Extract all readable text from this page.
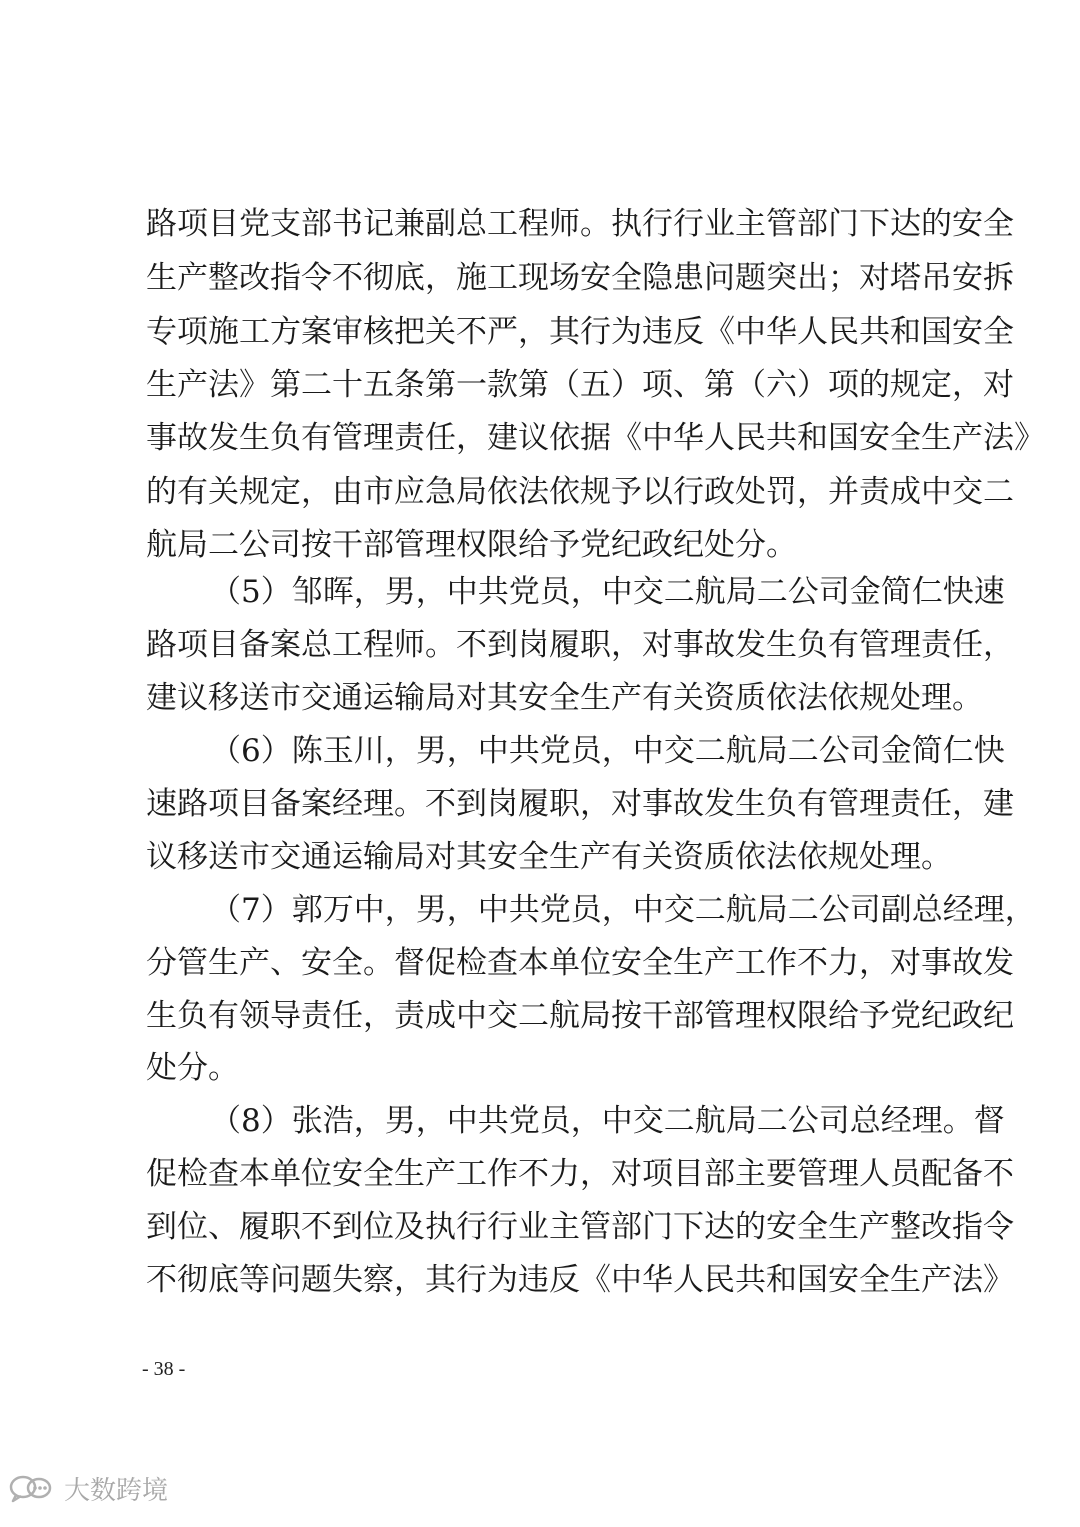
路项目党支部书记兼副总工程师。执行行业主管部门下达的安全
生产整改指令不彻底，施工现场安全隐患问题突出；对塔吊安拆
专项施工方案审核把关不严，其行为违反《中华人民共和国安全
生产法》第二十五条第一款第（五）项、第（六）项的规定，对
事故发生负有管理责任，建议依据《中华人民共和国安全生产法》
的有关规定，由市应急局依法依规予以行政处罚，并责成中交二
航局二公司按干部管理权限给予党纪政纪处分。
（5）邹晖，男，中共党员，中交二航局二公司金简仁快速
路项目备案总工程师。不到岗履职，对事故发生负有管理责任，
建议移送市交通运输局对其安全生产有关资质依法依规处理。
（6）陈玉川，男，中共党员，中交二航局二公司金简仁快
速路项目备案经理。不到岗履职，对事故发生负有管理责任，建
议移送市交通运输局对其安全生产有关资质依法依规处理。
（7）郭万中，男，中共党员，中交二航局二公司副总经理，
分管生产、安全。督促检查本单位安全生产工作不力，对事故发
生负有领导责任，责成中交二航局按干部管理权限给予党纪政纪
处分。
（8）张浩，男，中共党员，中交二航局二公司总经理。督
促检查本单位安全生产工作不力，对项目部主要管理人员配备不
到位、履职不到位及执行行业主管部门下达的安全生产整改指令
不彻底等问题失察，其行为违反《中华人民共和国安全生产法》
- 38 -
大数跨境
